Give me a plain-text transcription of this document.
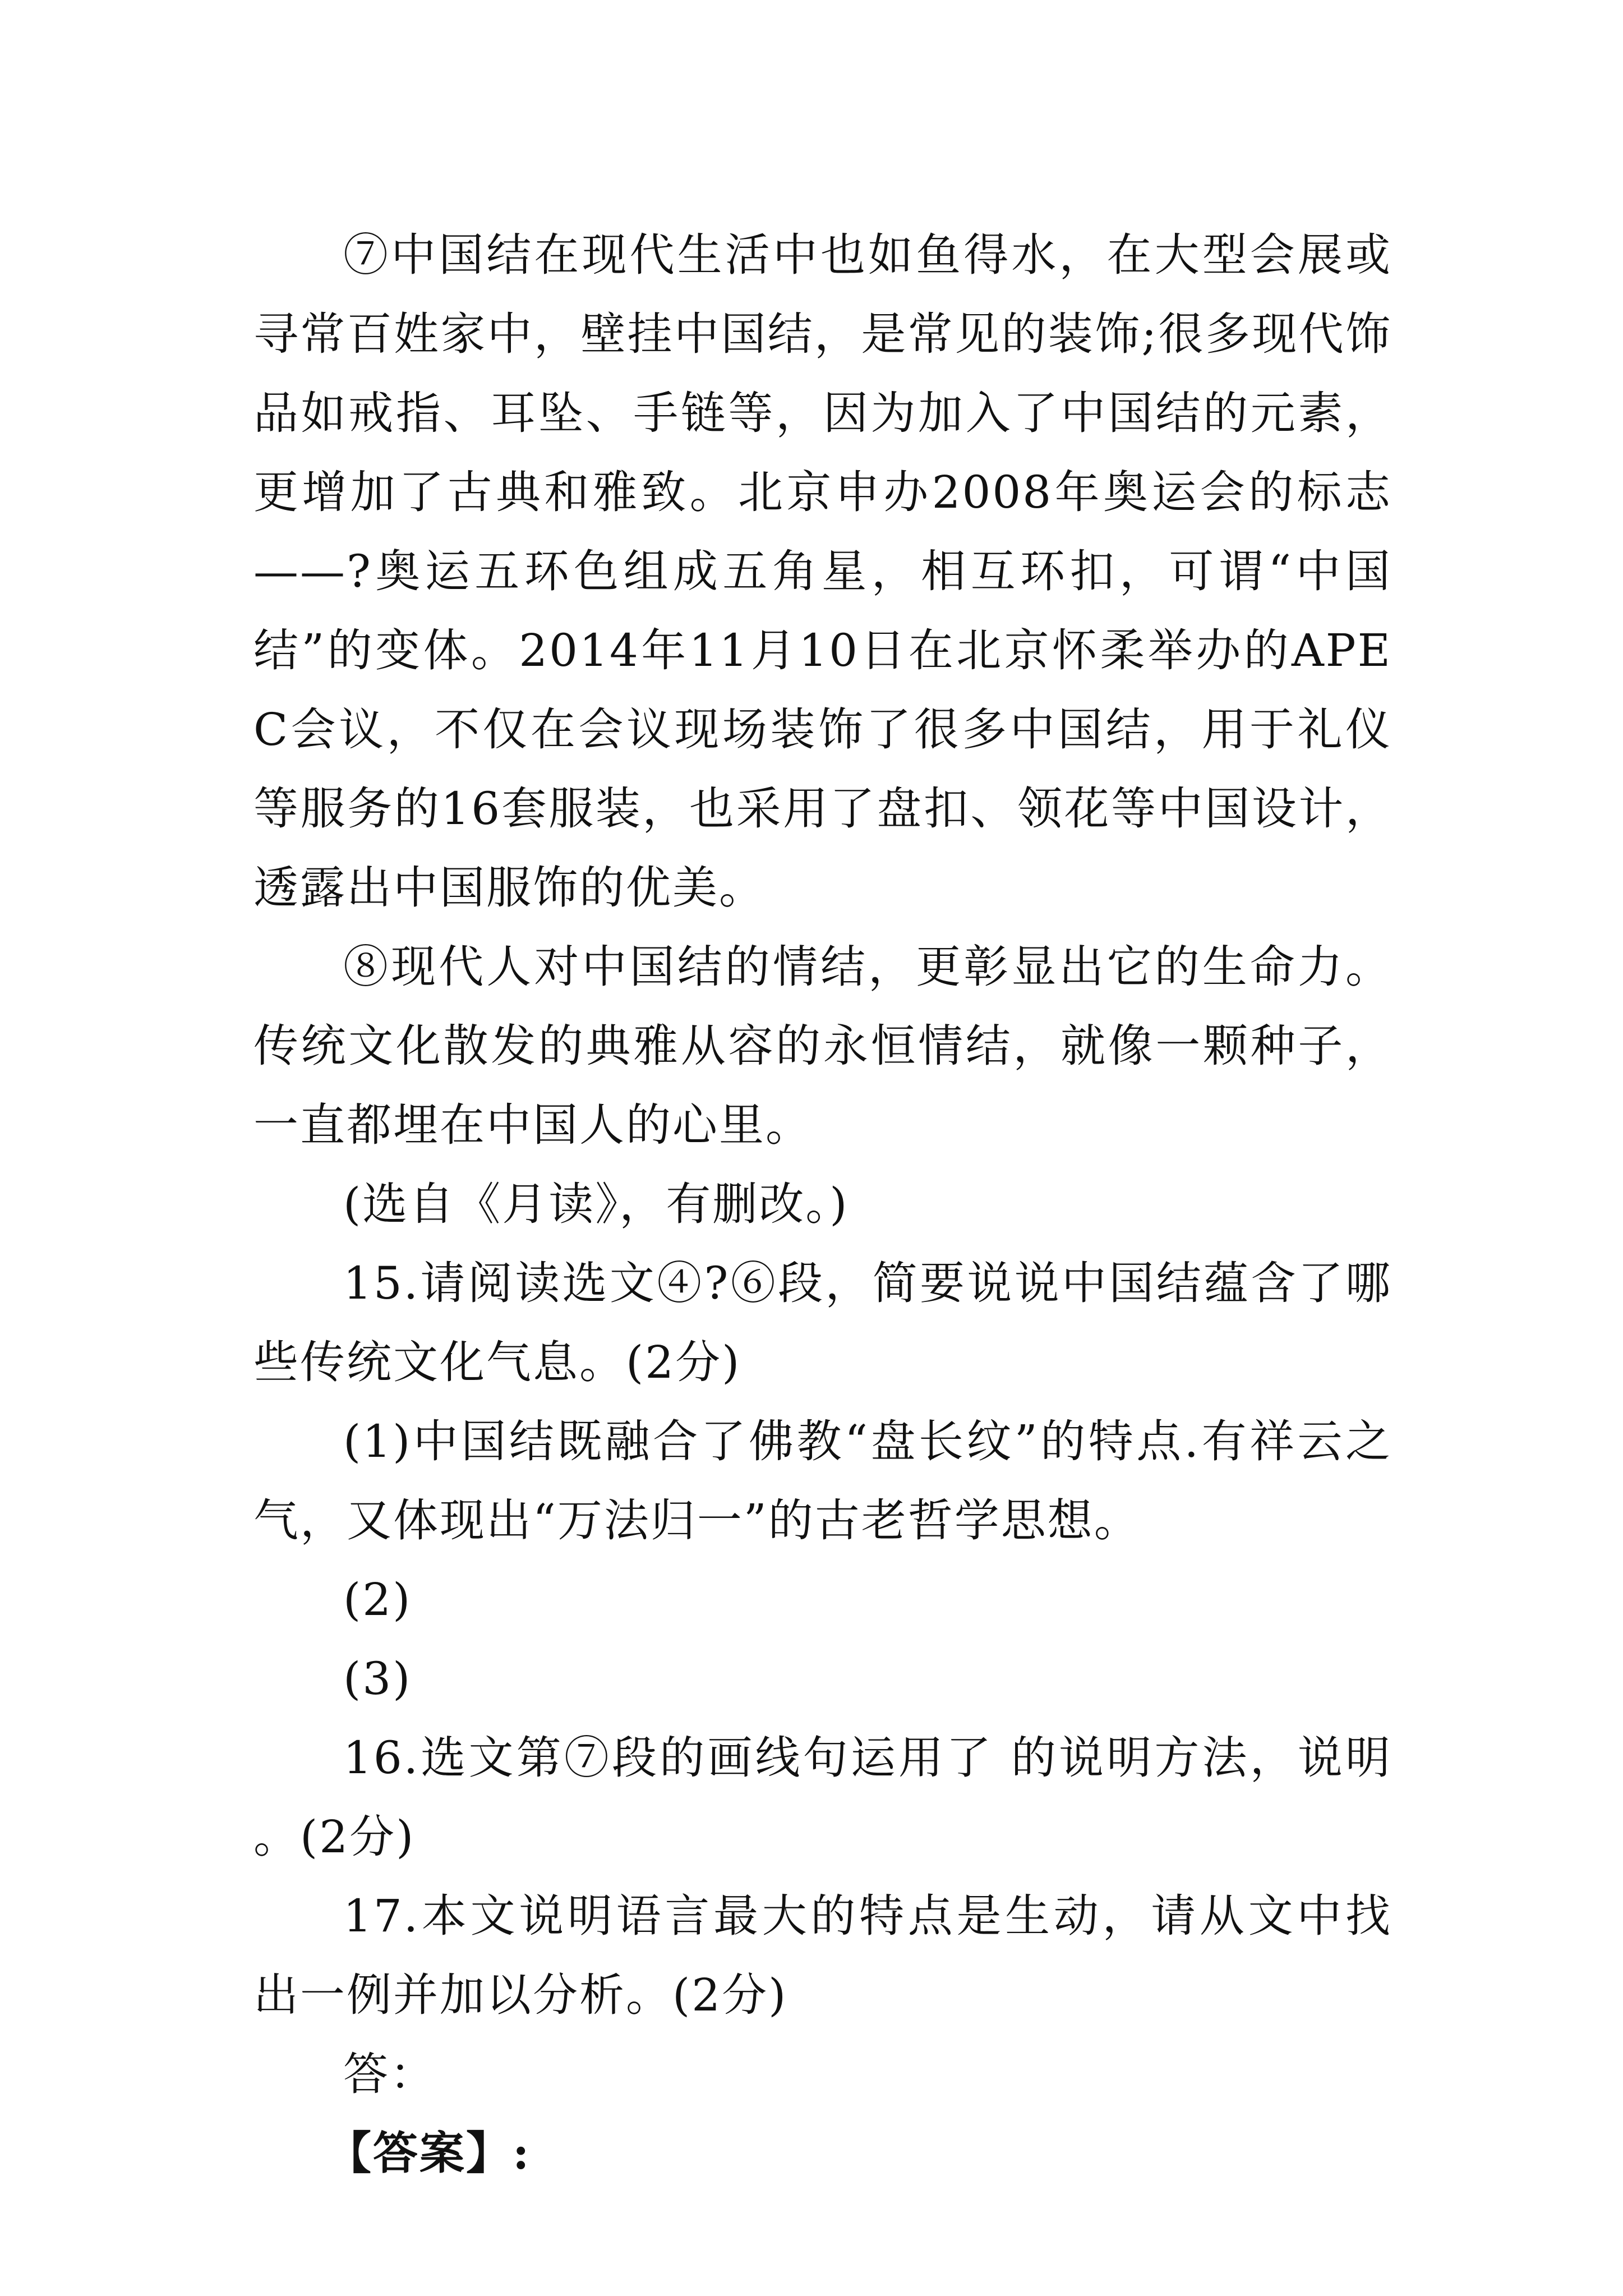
⑦中国结在现代生活中也如鱼得水，在大型会展或寻常百姓家中，壁挂中国结，是常见的装饰;很多现代饰品如戒指、耳坠、手链等，因为加入了中国结的元素，更增加了古典和雅致。北京申办2008年奥运会的标志——?奥运五环色组成五角星，相互环扣，可谓“中国结”的变体。2014年11月10日在北京怀柔举办的APEC会议，不仅在会议现场装饰了很多中国结，用于礼仪等服务的16套服装，也采用了盘扣、领花等中国设计，透露出中国服饰的优美。

⑧现代人对中国结的情结，更彰显出它的生命力。传统文化散发的典雅从容的永恒情结，就像一颗种子，一直都埋在中国人的心里。

(选自《月读》，有删改。)

15.请阅读选文④?⑥段，简要说说中国结蕴含了哪些传统文化气息。(2分)

(1)中国结既融合了佛教“盘长纹”的特点.有祥云之气，又体现出“万法归一”的古老哲学思想。

(2)

(3)

16.选文第⑦段的画线句运用了 的说明方法，说明 。(2分)

17.本文说明语言最大的特点是生动，请从文中找出一例并加以分析。(2分)

答：

【答案】:
